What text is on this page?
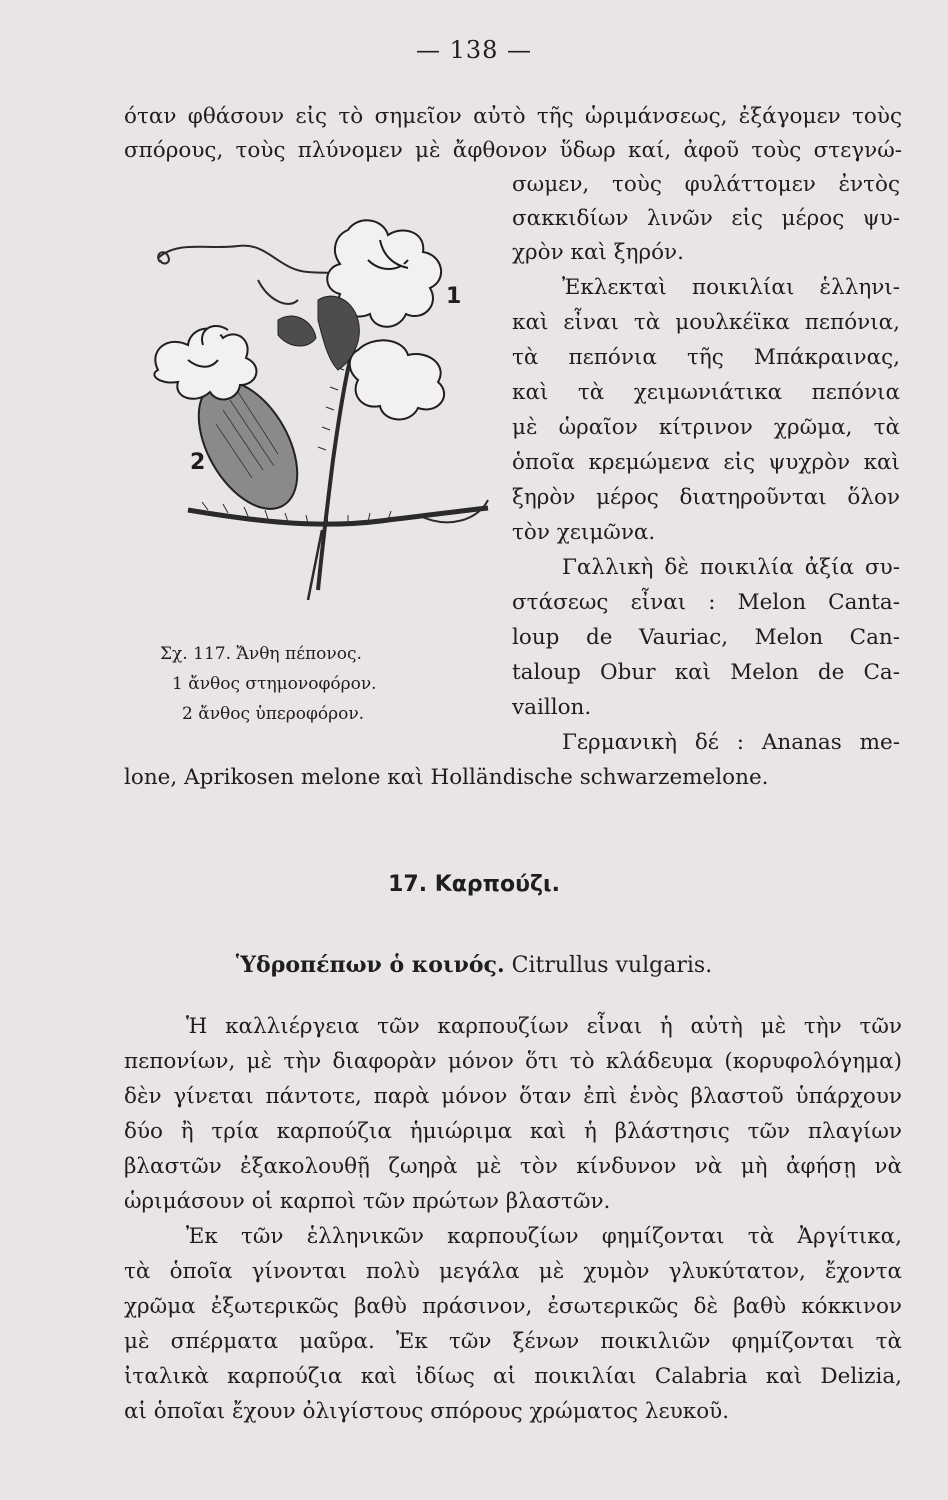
— 138 —
όταν φθάσουν εἰς τὸ σημεῖον αὐτὸ τῆς ὡριμάνσεως, ἐξάγομεν τοὺς
σπόρους, τοὺς πλύνομεν μὲ ἄφθονον ὕδωρ καί, ἀφοῦ τοὺς στεγνώ-
σωμεν, τοὺς φυλάττομεν ἐντὸς
σακκιδίων λινῶν εἰς μέρος ψυ-
χρὸν καὶ ξηρόν.
Ἐκλεκταὶ ποικιλίαι ἑλληνι-
καὶ εἶναι τὰ μουλκέϊκα πεπόνια,
τὰ πεπόνια τῆς Μπάκραινας,
καὶ τὰ χειμωνιάτικα πεπόνια
μὲ ὡραῖον κίτρινον χρῶμα, τὰ
ὁποῖα κρεμώμενα εἰς ψυχρὸν καὶ
ξηρὸν μέρος διατηροῦνται ὅλον
τὸν χειμῶνα.
Γαλλικὴ δὲ ποικιλία ἀξία συ-
στάσεως εἶναι : Melon Canta-
loup de Vauriac, Melon Can-
taloup Obur καὶ Melon de Ca-
vaillon.
Γερμανικὴ δέ : Ananas me-
lone, Aprikosen melone καὶ Holländische schwarzemelone.
1
2
Σχ. 117. Ἄνθη πέπονος.
1 ἄνθος στημονοφόρον.
2 ἄνθος ὑπεροφόρον.
17. Καρπούζι.
Ὑδροπέπων ὁ κοινός. Citrullus vulgaris.
Ἡ καλλιέργεια τῶν καρπουζίων εἶναι ἡ αὐτὴ μὲ τὴν τῶν
πεπονίων, μὲ τὴν διαφορὰν μόνον ὅτι τὸ κλάδευμα (κορυφολόγημα)
δὲν γίνεται πάντοτε, παρὰ μόνον ὅταν ἐπὶ ἑνὸς βλαστοῦ ὑπάρχουν
δύο ἢ τρία καρπούζια ἡμιώριμα καὶ ἡ βλάστησις τῶν πλαγίων
βλαστῶν ἐξακολουθῇ ζωηρὰ μὲ τὸν κίνδυνον νὰ μὴ ἀφήσῃ νὰ
ὡριμάσουν οἱ καρποὶ τῶν πρώτων βλαστῶν.
Ἐκ τῶν ἑλληνικῶν καρπουζίων φημίζονται τὰ Ἀργίτικα,
τὰ ὁποῖα γίνονται πολὺ μεγάλα μὲ χυμὸν γλυκύτατον, ἔχοντα
χρῶμα ἐξωτερικῶς βαθὺ πράσινον, ἐσωτερικῶς δὲ βαθὺ κόκκινον
μὲ σπέρματα μαῦρα. Ἐκ τῶν ξένων ποικιλιῶν φημίζονται τὰ
ἰταλικὰ καρπούζια καὶ ἰδίως αἱ ποικιλίαι Calabria καὶ Delizia,
αἱ ὁποῖαι ἔχουν ὀλιγίστους σπόρους χρώματος λευκοῦ.
